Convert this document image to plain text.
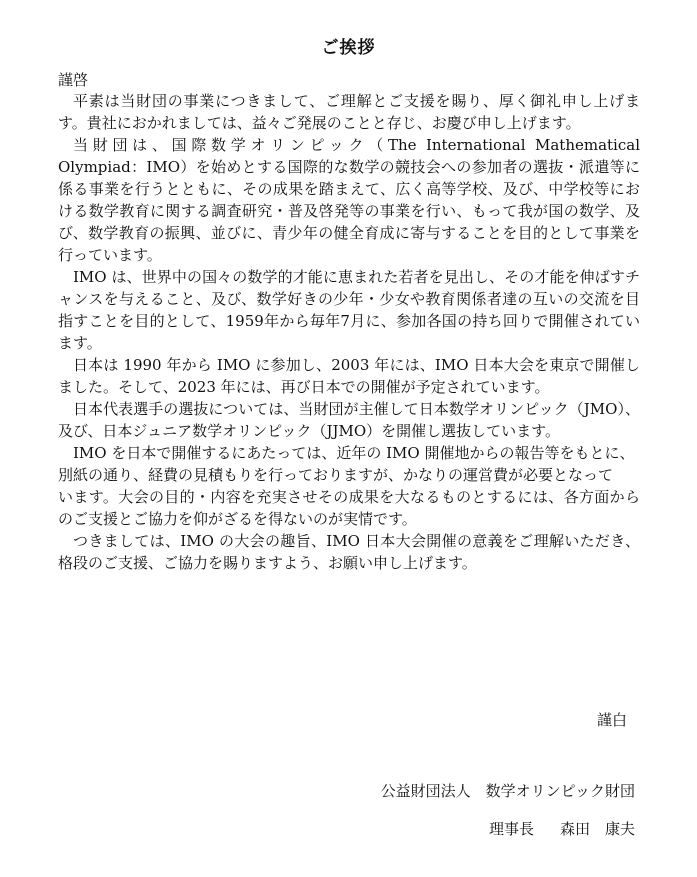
ご挨拶
謹啓

平素は当財団の事業につきまして、ご理解とご支援を賜り、厚く御礼申し上げます。貴社におかれましては、益々ご発展のことと存じ、お慶び申し上げます。

当財団は、国際数学オリンピック（The International Mathematical Olympiad：IMO）を始めとする国際的な数学の競技会への参加者の選抜・派遣等に係る事業を行うとともに、その成果を踏まえて、広く高等学校、及び、中学校等における数学教育に関する調査研究・普及啓発等の事業を行い、もって我が国の数学、及び、数学教育の振興、並びに、青少年の健全育成に寄与することを目的として事業を行っています。

IMO は、世界中の国々の数学的才能に恵まれた若者を見出し、その才能を伸ばすチャンスを与えること、及び、数学好きの少年・少女や教育関係者達の互いの交流を目指すことを目的として、1959年から毎年7月に、参加各国の持ち回りで開催されています。

日本は 1990 年から IMO に参加し、2003 年には、IMO 日本大会を東京で開催しました。そして、2023 年には、再び日本での開催が予定されています。

日本代表選手の選抜については、当財団が主催して日本数学オリンピック（JMO）、及び、日本ジュニア数学オリンピック（JJMO）を開催し選抜しています。

IMO を日本で開催するにあたっては、近年の IMO 開催地からの報告等をもとに、
別紙の通り、経費の見積もりを行っておりますが、かなりの運営費が必要となって
います。大会の目的・内容を充実させその成果を大なるものとするには、各方面からのご支援とご協力を仰がざるを得ないのが実情です。

つきましては、IMO の大会の趣旨、IMO 日本大会開催の意義をご理解いただき、格段のご支援、ご協力を賜りますよう、お願い申し上げます。

謹白
公益財団法人　数学オリンピック財団
理事長 森田　康夫
